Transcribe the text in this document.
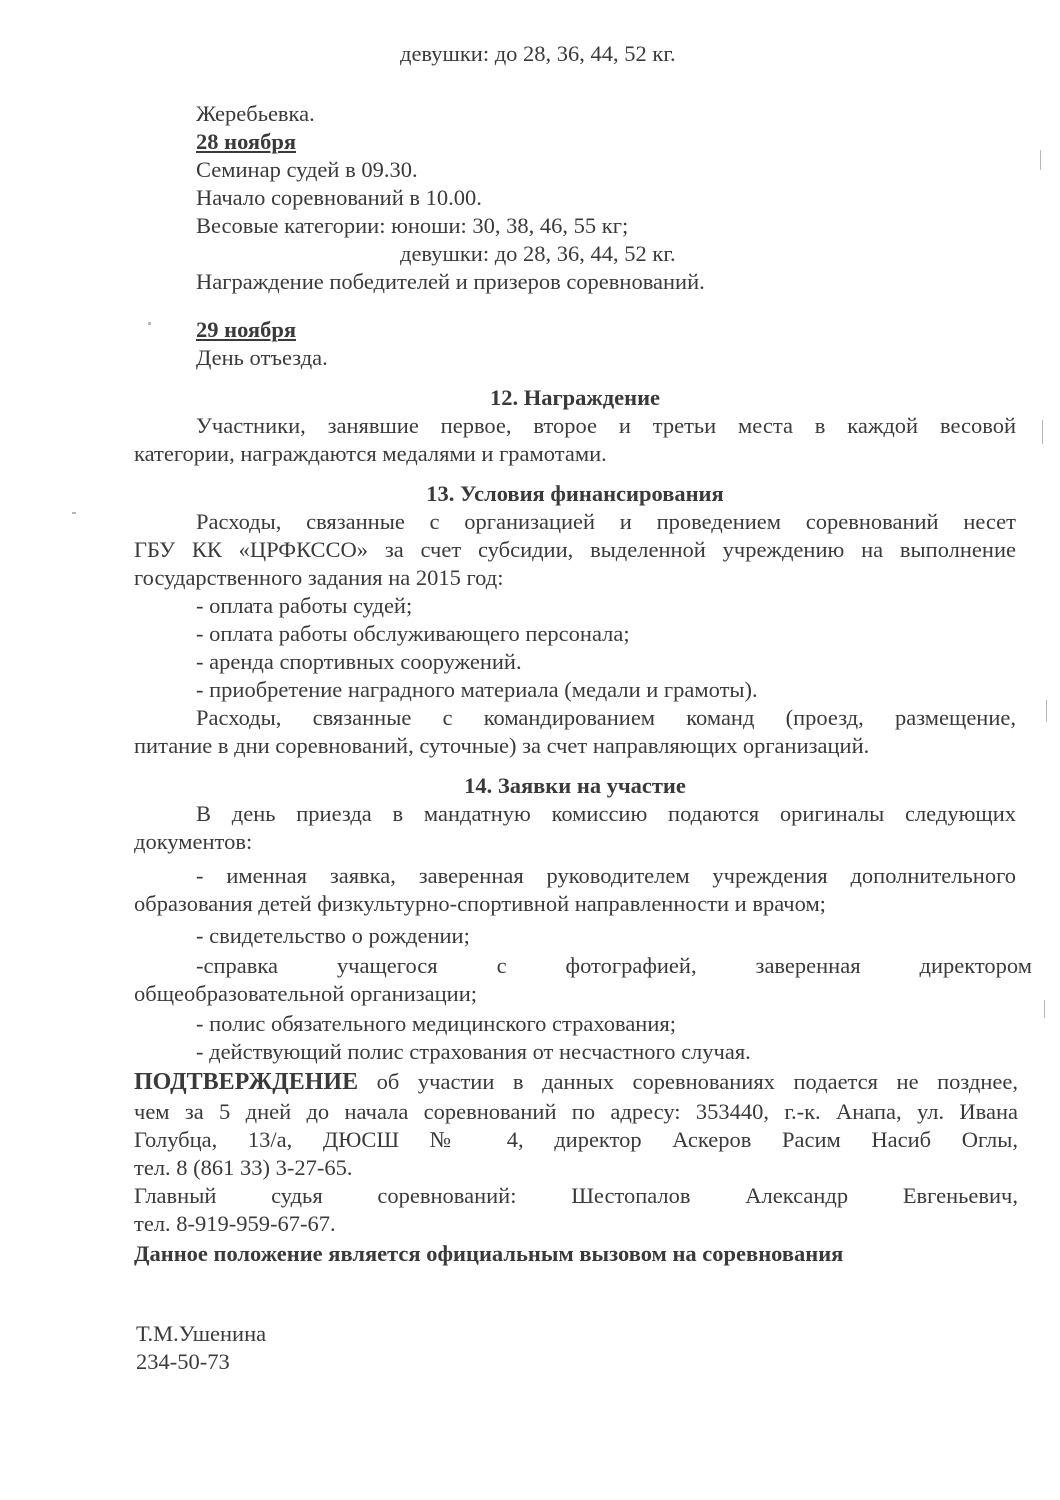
девушки: до 28, 36, 44, 52 кг.
Жеребьевка.
28 ноября
Семинар судей в 09.30.
Начало соревнований в 10.00.
Весовые категории: юноши: 30, 38, 46, 55 кг;
девушки: до 28, 36, 44, 52 кг.
Награждение победителей и призеров соревнований.
29 ноября
День отъезда.
12. Награждение
Участники, занявшие первое, второе и третьи места в каждой весовой
категории, награждаются медалями и грамотами.
13. Условия финансирования
Расходы, связанные с организацией и проведением соревнований несет
ГБУ КК «ЦРФКССО» за счет субсидии, выделенной учреждению на выполнение
государственного задания на 2015 год:
- оплата работы судей;
- оплата работы обслуживающего персонала;
- аренда спортивных сооружений.
- приобретение наградного материала (медали и грамоты).
Расходы, связанные с командированием команд (проезд, размещение,
питание в дни соревнований, суточные) за счет направляющих организаций.
14. Заявки на участие
В день приезда в мандатную комиссию подаются оригиналы следующих
документов:
- именная заявка, заверенная руководителем учреждения дополнительного
образования детей физкультурно-спортивной направленности и врачом;
- свидетельство о рождении;
-справка учащегося с фотографией, заверенная директором
общеобразовательной организации;
- полис обязательного медицинского страхования;
- действующий полис страхования от несчастного случая.
ПОДТВЕРЖДЕНИЕ об участии в данных соревнованиях подается не позднее,
чем за 5 дней до начала соревнований по адресу: 353440, г.-к. Анапа, ул. Ивана
Голубца, 13/а, ДЮСШ № 4, директор Аскеров Расим Насиб Оглы,
тел. 8 (861 33) 3-27-65.
Главный судья соревнований: Шестопалов Александр Евгеньевич,
тел. 8-919-959-67-67.
Данное положение является официальным вызовом на соревнования
Т.М.Ушенина
234-50-73
